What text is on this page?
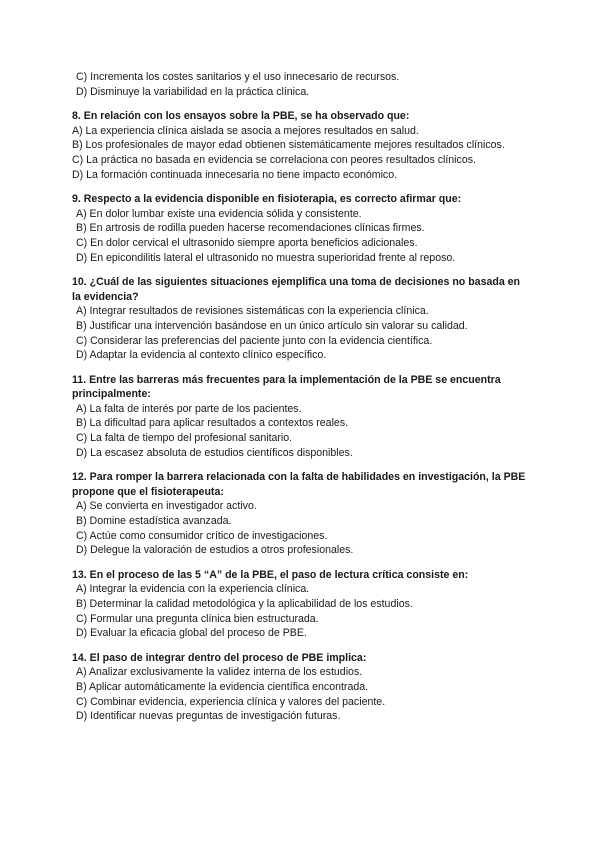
C) Incrementa los costes sanitarios y el uso innecesario de recursos.

D) Disminuye la variabilidad en la práctica clínica.

8. En relación con los ensayos sobre la PBE, se ha observado que:

A) La experiencia clínica aislada se asocia a mejores resultados en salud.

B) Los profesionales de mayor edad obtienen sistemáticamente mejores resultados clínicos.

C) La práctica no basada en evidencia se correlaciona con peores resultados clínicos.

D) La formación continuada innecesaria no tiene impacto económico.

9. Respecto a la evidencia disponible en fisioterapia, es correcto afirmar que:

A) En dolor lumbar existe una evidencia sólida y consistente.

B) En artrosis de rodilla pueden hacerse recomendaciones clínicas firmes.

C) En dolor cervical el ultrasonido siempre aporta beneficios adicionales.

D) En epicondilitis lateral el ultrasonido no muestra superioridad frente al reposo.

10. ¿Cuál de las siguientes situaciones ejemplifica una toma de decisiones no basada en la evidencia?

A) Integrar resultados de revisiones sistemáticas con la experiencia clínica.

B) Justificar una intervención basándose en un único artículo sin valorar su calidad.

C) Considerar las preferencias del paciente junto con la evidencia científica.

D) Adaptar la evidencia al contexto clínico específico.

11. Entre las barreras más frecuentes para la implementación de la PBE se encuentra principalmente:

A) La falta de interés por parte de los pacientes.

B) La dificultad para aplicar resultados a contextos reales.

C) La falta de tiempo del profesional sanitario.

D) La escasez absoluta de estudios científicos disponibles.

12. Para romper la barrera relacionada con la falta de habilidades en investigación, la PBE propone que el fisioterapeuta:

A) Se convierta en investigador activo.

B) Domine estadística avanzada.

C) Actúe como consumidor crítico de investigaciones.

D) Delegue la valoración de estudios a otros profesionales.

13. En el proceso de las 5 “A” de la PBE, el paso de lectura crítica consiste en:

A) Integrar la evidencia con la experiencia clínica.

B) Determinar la calidad metodológica y la aplicabilidad de los estudios.

C) Formular una pregunta clínica bien estructurada.

D) Evaluar la eficacia global del proceso de PBE.

14. El paso de integrar dentro del proceso de PBE implica:

A) Analizar exclusivamente la validez interna de los estudios.

B) Aplicar automáticamente la evidencia científica encontrada.

C) Combinar evidencia, experiencia clínica y valores del paciente.

D) Identificar nuevas preguntas de investigación futuras.
